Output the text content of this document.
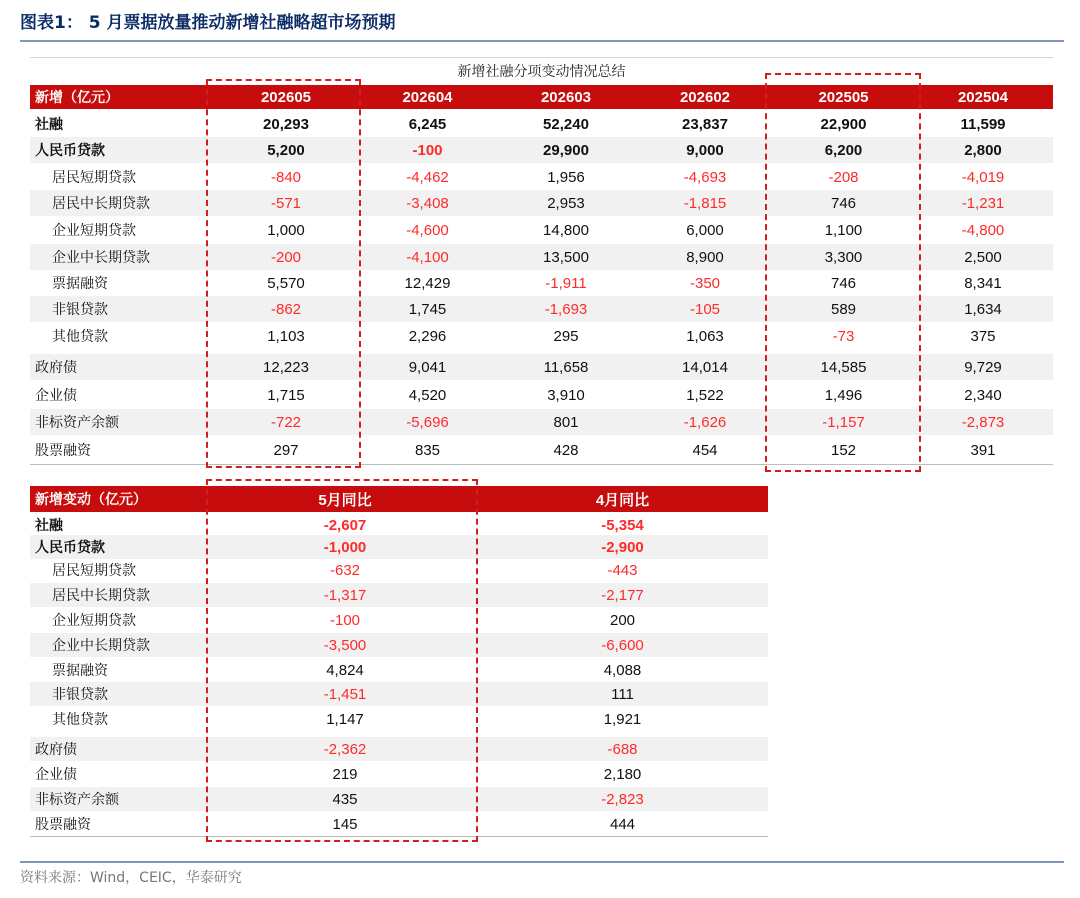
图表1： 5 月票据放量推动新增社融略超市场预期
新增社融分项变动情况总结
新增（亿元）	202605	202604	202603	202602	202505	202504
社融	20,293	6,245	52,240	23,837	22,900	11,599
人民币贷款	5,200	-100	29,900	9,000	6,200	2,800
居民短期贷款	-840	-4,462	1,956	-4,693	-208	-4,019
居民中长期贷款	-571	-3,408	2,953	-1,815	746	-1,231
企业短期贷款	1,000	-4,600	14,800	6,000	1,100	-4,800
企业中长期贷款	-200	-4,100	13,500	8,900	3,300	2,500
票据融资	5,570	12,429	-1,911	-350	746	8,341
非银贷款	-862	1,745	-1,693	-105	589	1,634
其他贷款	1,103	2,296	295	1,063	-73	375
政府债	12,223	9,041	11,658	14,014	14,585	9,729
企业债	1,715	4,520	3,910	1,522	1,496	2,340
非标资产余额	-722	-5,696	801	-1,626	-1,157	-2,873
股票融资	297	835	428	454	152	391
新增变动（亿元）	5月同比	4月同比
社融	-2,607	-5,354
人民币贷款	-1,000	-2,900
居民短期贷款	-632	-443
居民中长期贷款	-1,317	-2,177
企业短期贷款	-100	200
企业中长期贷款	-3,500	-6,600
票据融资	4,824	4,088
非银贷款	-1,451	111
其他贷款	1,147	1,921
政府债	-2,362	-688
企业债	219	2,180
非标资产余额	435	-2,823
股票融资	145	444
资料来源：Wind，CEIC，华泰研究
